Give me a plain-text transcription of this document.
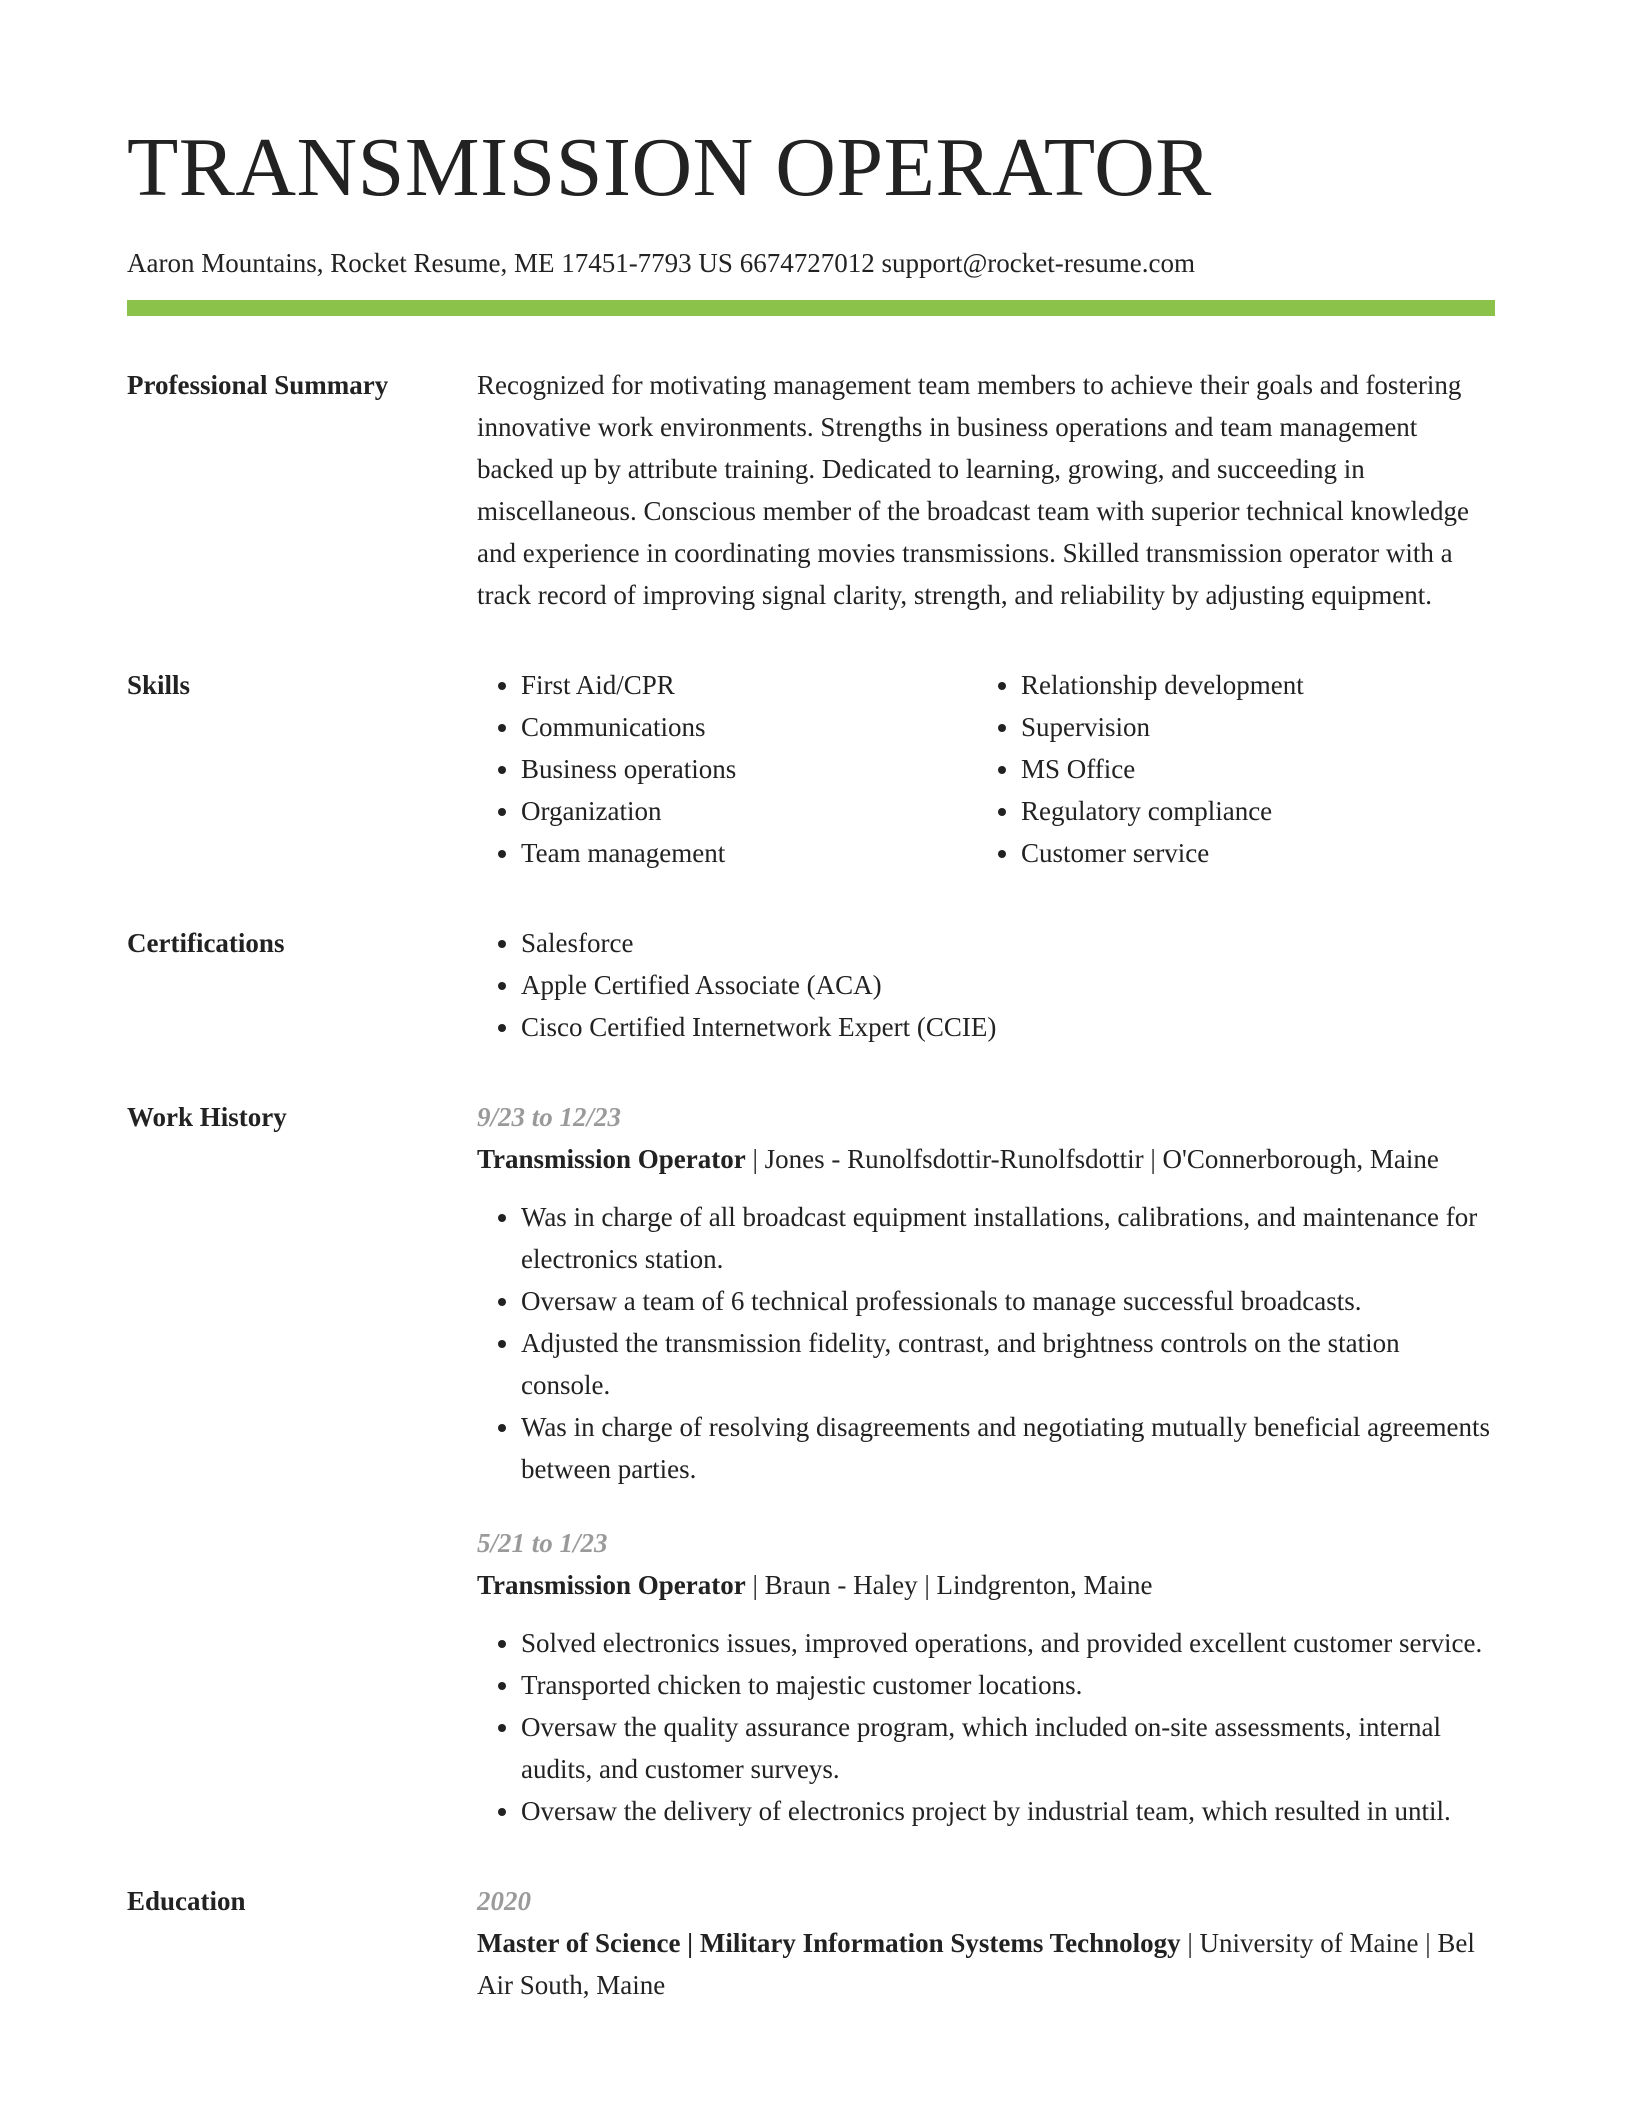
TRANSMISSION OPERATOR
Aaron Mountains, Rocket Resume, ME 17451-7793 US 6674727012 support@rocket-resume.com
Professional Summary	Recognized for motivating management team members to achieve their goals and fostering innovative work environments. Strengths in business operations and team management backed up by attribute training. Dedicated to learning, growing, and succeeding in miscellaneous. Conscious member of the broadcast team with superior technical knowledge and experience in coordinating movies transmissions. Skilled transmission operator with a track record of improving signal clarity, strength, and reliability by adjusting equipment.

Skills	• First Aid/CPR
• Communications
• Business operations
• Organization
• Team management
• Relationship development
• Supervision
• MS Office
• Regulatory compliance
• Customer service
Certifications	• Salesforce
• Apple Certified Associate (ACA)
• Cisco Certified Internetwork Expert (CCIE)
Work History	9/23 to 12/23

Transmission Operator | Jones - Runolfsdottir-Runolfsdottir | O'Connerborough, Maine

• Was in charge of all broadcast equipment installations, calibrations, and maintenance for electronics station.
• Oversaw a team of 6 technical professionals to manage successful broadcasts.
• Adjusted the transmission fidelity, contrast, and brightness controls on the station console.
• Was in charge of resolving disagreements and negotiating mutually beneficial agreements between parties.
5/21 to 1/23

Transmission Operator | Braun - Haley | Lindgrenton, Maine

• Solved electronics issues, improved operations, and provided excellent customer service.
• Transported chicken to majestic customer locations.
• Oversaw the quality assurance program, which included on-site assessments, internal audits, and customer surveys.
• Oversaw the delivery of electronics project by industrial team, which resulted in until.
Education	2020

Master of Science | Military Information Systems Technology | University of Maine | Bel Air South, Maine
